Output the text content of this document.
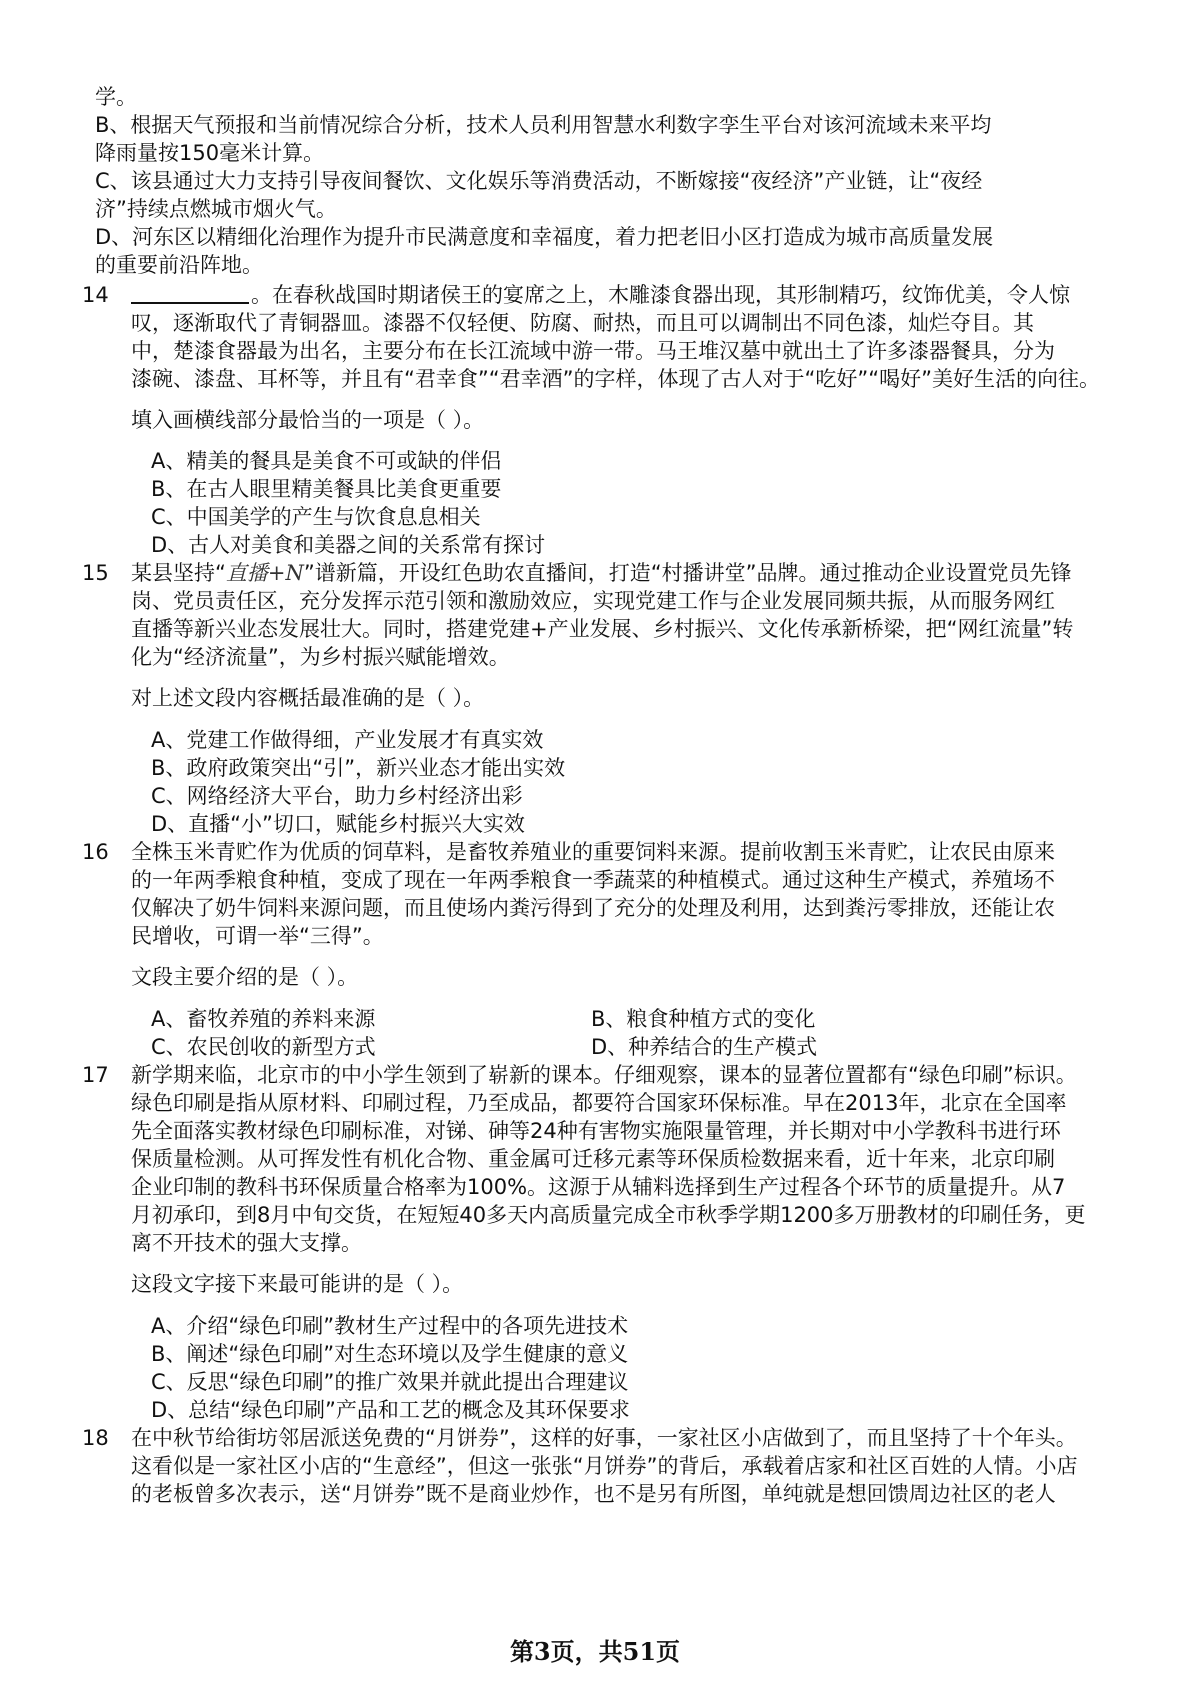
学。
B、根据天气预报和当前情况综合分析，技术人员利用智慧水利数字孪生平台对该河流域未来平均
降雨量按150毫米计算。
C、该县通过大力支持引导夜间餐饮、文化娱乐等消费活动，不断嫁接“夜经济”产业链，让“夜经
济”持续点燃城市烟火气。
D、河东区以精细化治理作为提升市民满意度和幸福度，着力把老旧小区打造成为城市高质量发展
的重要前沿阵地。
14	。在春秋战国时期诸侯王的宴席之上，木雕漆食器出现，其形制精巧，纹饰优美，令人惊
叹，逐渐取代了青铜器皿。漆器不仅轻便、防腐、耐热，而且可以调制出不同色漆，灿烂夺目。其
中，楚漆食器最为出名，主要分布在长江流域中游一带。马王堆汉墓中就出土了许多漆器餐具，分为
漆碗、漆盘、耳杯等，并且有“君幸食”“君幸酒”的字样，体现了古人对于“吃好”“喝好”美好生活的向往。
填入画横线部分最恰当的一项是（ ）。
A、精美的餐具是美食不可或缺的伴侣
B、在古人眼里精美餐具比美食更重要
C、中国美学的产生与饮食息息相关
D、古人对美食和美器之间的关系常有探讨
15 某县坚持“直播+N”谱新篇，开设红色助农直播间，打造“村播讲堂”品牌。通过推动企业设置党员先锋
岗、党员责任区，充分发挥示范引领和激励效应，实现党建工作与企业发展同频共振，从而服务网红
直播等新兴业态发展壮大。同时，搭建党建+产业发展、乡村振兴、文化传承新桥梁，把“网红流量”转
化为“经济流量”，为乡村振兴赋能增效。
对上述文段内容概括最准确的是（ ）。
A、党建工作做得细，产业发展才有真实效
B、政府政策突出“引”，新兴业态才能出实效
C、网络经济大平台，助力乡村经济出彩
D、直播“小”切口，赋能乡村振兴大实效
16 全株玉米青贮作为优质的饲草料，是畜牧养殖业的重要饲料来源。提前收割玉米青贮，让农民由原来
的一年两季粮食种植，变成了现在一年两季粮食一季蔬菜的种植模式。通过这种生产模式，养殖场不
仅解决了奶牛饲料来源问题，而且使场内粪污得到了充分的处理及利用，达到粪污零排放，还能让农
民增收，可谓一举“三得”。
文段主要介绍的是（ ）。
A、畜牧养殖的养料来源	B、粮食种植方式的变化
C、农民创收的新型方式	D、种养结合的生产模式
17 新学期来临，北京市的中小学生领到了崭新的课本。仔细观察，课本的显著位置都有“绿色印刷”标识。
绿色印刷是指从原材料、印刷过程，乃至成品，都要符合国家环保标准。早在2013年，北京在全国率
先全面落实教材绿色印刷标准，对锑、砷等24种有害物实施限量管理，并长期对中小学教科书进行环
保质量检测。从可挥发性有机化合物、重金属可迁移元素等环保质检数据来看，近十年来，北京印刷
企业印制的教科书环保质量合格率为100%。这源于从辅料选择到生产过程各个环节的质量提升。从7
月初承印，到8月中旬交货，在短短40多天内高质量完成全市秋季学期1200多万册教材的印刷任务，更
离不开技术的强大支撑。
这段文字接下来最可能讲的是（ ）。
A、介绍“绿色印刷”教材生产过程中的各项先进技术
B、阐述“绿色印刷”对生态环境以及学生健康的意义
C、反思“绿色印刷”的推广效果并就此提出合理建议
D、总结“绿色印刷”产品和工艺的概念及其环保要求
18 在中秋节给街坊邻居派送免费的“月饼券”，这样的好事，一家社区小店做到了，而且坚持了十个年头。
这看似是一家社区小店的“生意经”，但这一张张“月饼券”的背后，承载着店家和社区百姓的人情。小店
的老板曾多次表示，送“月饼券”既不是商业炒作，也不是另有所图，单纯就是想回馈周边社区的老人
第3页，共51页
